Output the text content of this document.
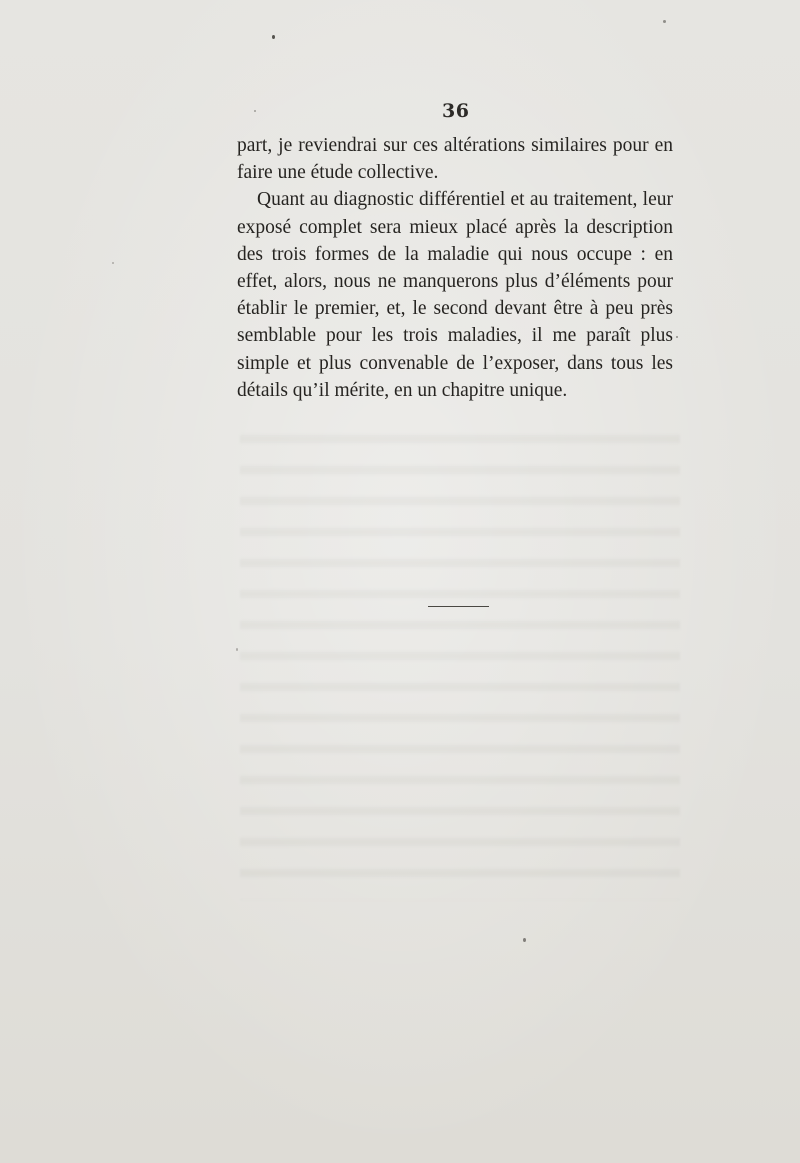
36

part, je reviendrai sur ces altérations similaires pour en faire une étude collective.

Quant au diagnostic différentiel et au traitement, leur exposé complet sera mieux placé après la description des trois formes de la maladie qui nous occupe : en effet, alors, nous ne manquerons plus d’éléments pour établir le premier, et, le second devant être à peu près semblable pour les trois maladies, il me paraît plus simple et plus convenable de l’exposer, dans tous les détails qu’il mérite, en un chapitre unique.
